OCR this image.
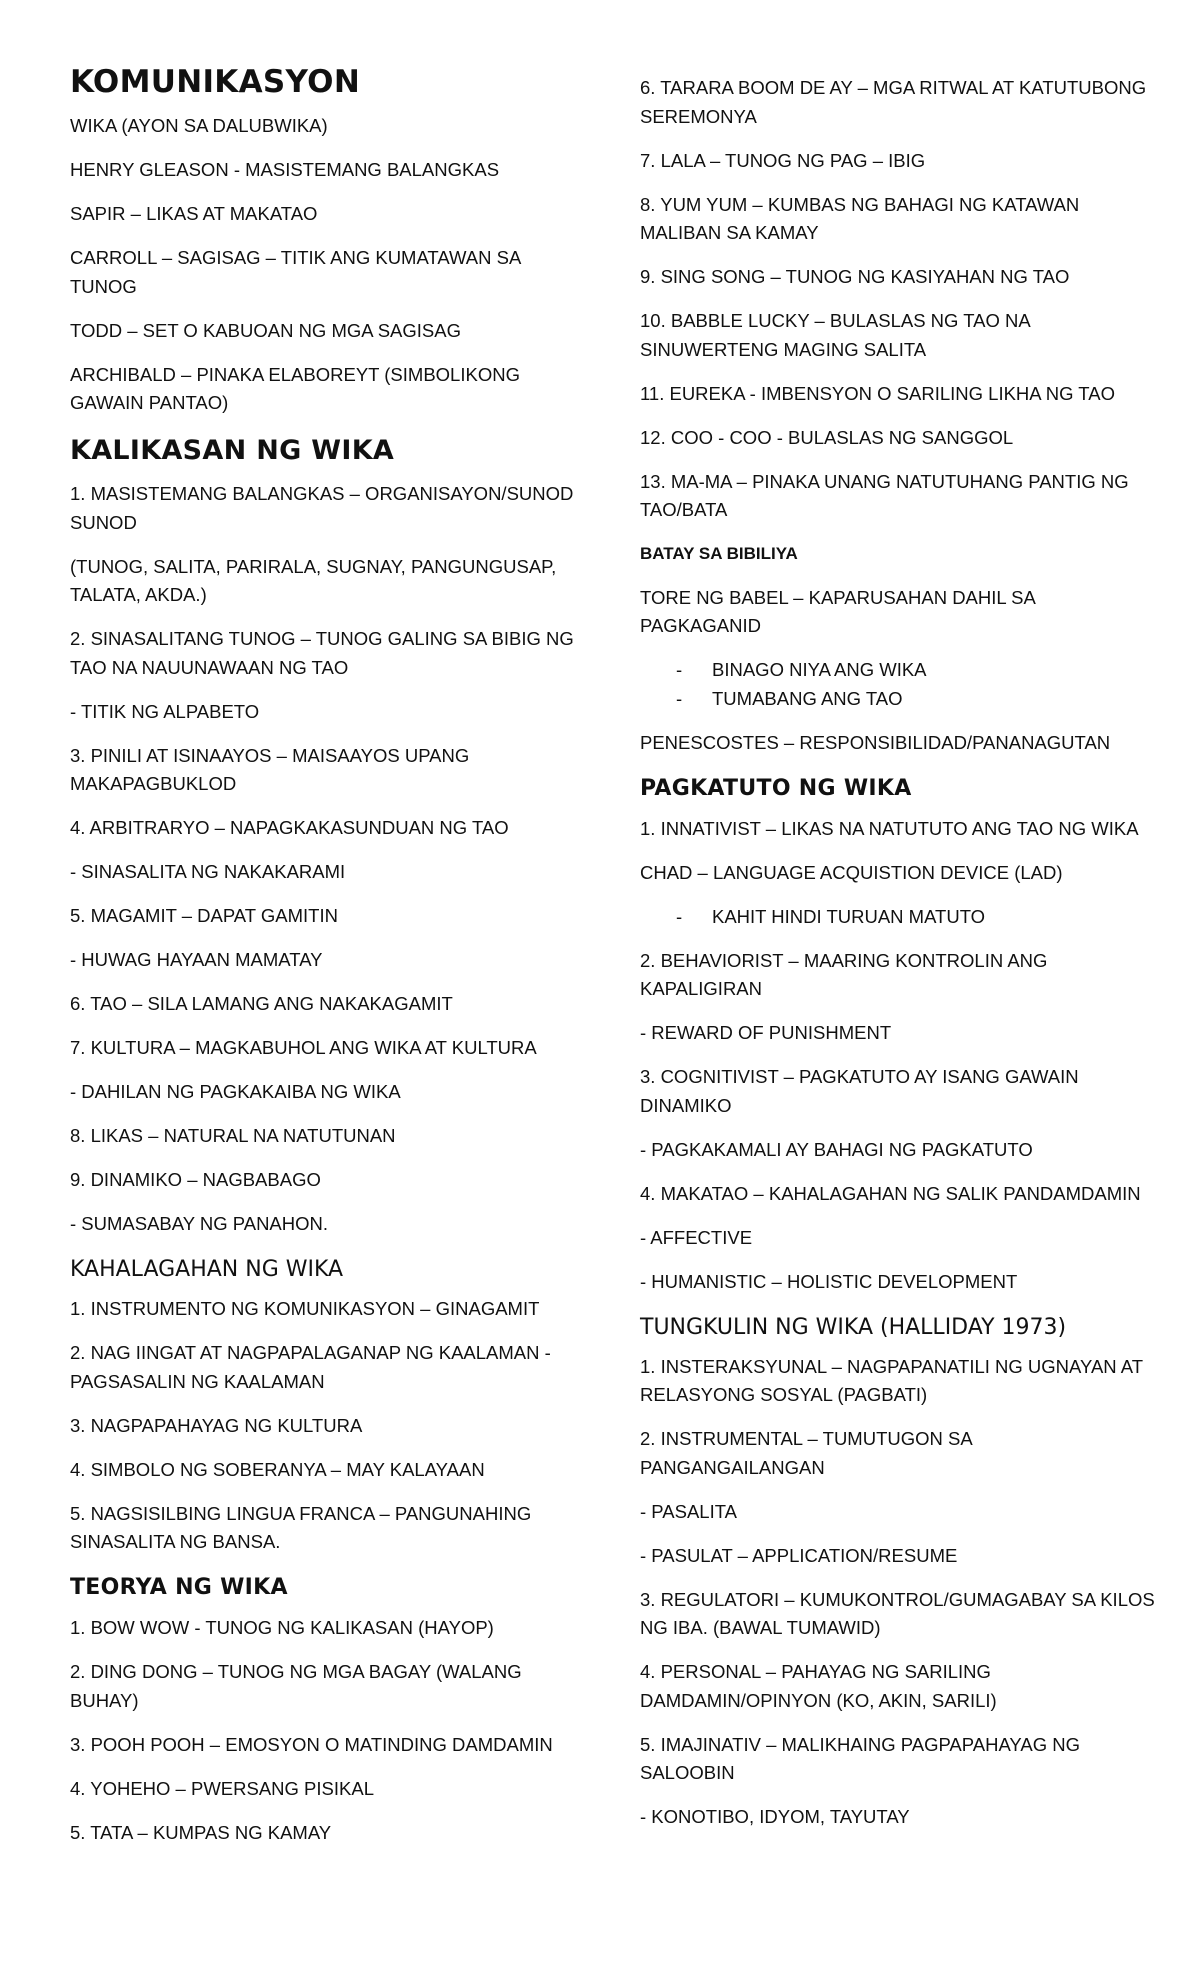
KOMUNIKASYON
WIKA (AYON SA DALUBWIKA)
HENRY GLEASON - MASISTEMANG BALANGKAS
SAPIR – LIKAS AT MAKATAO
CARROLL – SAGISAG – TITIK ANG KUMATAWAN SA TUNOG
TODD – SET O KABUOAN NG MGA SAGISAG
ARCHIBALD – PINAKA ELABOREYT (SIMBOLIKONG GAWAIN PANTAO)
KALIKASAN NG WIKA
1. MASISTEMANG BALANGKAS – ORGANISAYON/SUNOD SUNOD
(TUNOG, SALITA, PARIRALA, SUGNAY, PANGUNGUSAP, TALATA, AKDA.)
2. SINASALITANG TUNOG – TUNOG GALING SA BIBIG NG TAO NA NAUUNAWAAN NG TAO
- TITIK NG ALPABETO
3. PINILI AT ISINAAYOS – MAISAAYOS UPANG MAKAPAGBUKLOD
4. ARBITRARYO – NAPAGKAKASUNDUAN NG TAO
- SINASALITA NG NAKAKARAMI
5. MAGAMIT – DAPAT GAMITIN
- HUWAG HAYAAN MAMATAY
6. TAO – SILA LAMANG ANG NAKAKAGAMIT
7. KULTURA – MAGKABUHOL ANG WIKA AT KULTURA
- DAHILAN NG PAGKAKAIBA NG WIKA
8. LIKAS – NATURAL NA NATUTUNAN
9. DINAMIKO – NAGBABAGO
- SUMASABAY NG PANAHON.
KAHALAGAHAN NG WIKA
1. INSTRUMENTO NG KOMUNIKASYON – GINAGAMIT
2. NAG IINGAT AT NAGPAPALAGANAP NG KAALAMAN - PAGSASALIN NG KAALAMAN
3. NAGPAPAHAYAG NG KULTURA
4. SIMBOLO NG SOBERANYA – MAY KALAYAAN
5. NAGSISILBING LINGUA FRANCA – PANGUNAHING SINASALITA NG BANSA.
TEORYA NG WIKA
1. BOW WOW - TUNOG NG KALIKASAN (HAYOP)
2. DING DONG – TUNOG NG MGA BAGAY (WALANG BUHAY)
3. POOH POOH – EMOSYON O MATINDING DAMDAMIN
4. YOHEHO – PWERSANG PISIKAL
5. TATA – KUMPAS NG KAMAY
6. TARARA BOOM DE AY – MGA RITWAL AT KATUTUBONG SEREMONYA
7. LALA – TUNOG NG PAG – IBIG
8. YUM YUM – KUMBAS NG BAHAGI NG KATAWAN MALIBAN SA KAMAY
9. SING SONG – TUNOG NG KASIYAHAN NG TAO
10. BABBLE LUCKY – BULASLAS NG TAO NA SINUWERTENG MAGING SALITA
11. EUREKA - IMBENSYON O SARILING LIKHA NG TAO
12. COO - COO - BULASLAS NG SANGGOL
13. MA-MA – PINAKA UNANG NATUTUHANG PANTIG NG TAO/BATA
BATAY SA BIBILIYA
TORE NG BABEL – KAPARUSAHAN DAHIL SA PAGKAGANID
- BINAGO NIYA ANG WIKA
- TUMABANG ANG TAO
PENESCOSTES – RESPONSIBILIDAD/PANANAGUTAN
PAGKATUTO NG WIKA
1. INNATIVIST – LIKAS NA NATUTUTO ANG TAO NG WIKA
CHAD – LANGUAGE ACQUISTION DEVICE (LAD)
- KAHIT HINDI TURUAN MATUTO
2. BEHAVIORIST – MAARING KONTROLIN ANG KAPALIGIRAN
- REWARD OF PUNISHMENT
3. COGNITIVIST – PAGKATUTO AY ISANG GAWAIN DINAMIKO
- PAGKAKAMALI AY BAHAGI NG PAGKATUTO
4. MAKATAO – KAHALAGAHAN NG SALIK PANDAMDAMIN
- AFFECTIVE
- HUMANISTIC – HOLISTIC DEVELOPMENT
TUNGKULIN NG WIKA (HALLIDAY 1973)
1. INSTERAKSYUNAL – NAGPAPANATILI NG UGNAYAN AT RELASYONG SOSYAL (PAGBATI)
2. INSTRUMENTAL – TUMUTUGON SA PANGANGAILANGAN
- PASALITA
- PASULAT – APPLICATION/RESUME
3. REGULATORI – KUMUKONTROL/GUMAGABAY SA KILOS NG IBA. (BAWAL TUMAWID)
4. PERSONAL – PAHAYAG NG SARILING DAMDAMIN/OPINYON (KO, AKIN, SARILI)
5. IMAJINATIV – MALIKHAING PAGPAPAHAYAG NG SALOOBIN
- KONOTIBO, IDYOM, TAYUTAY
